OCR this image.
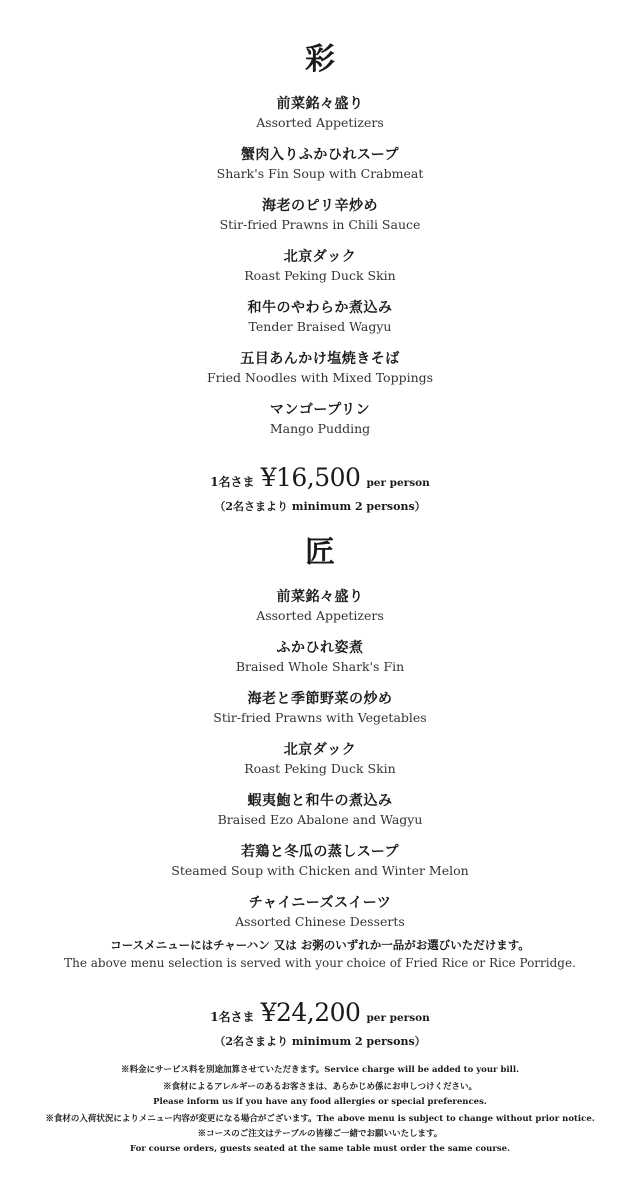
彩
前菜銘々盛り
Assorted Appetizers
蟹肉入りふかひれスープ
Shark's Fin Soup with Crabmeat
海老のピリ辛炒め
Stir-fried Prawns in Chili Sauce
北京ダック
Roast Peking Duck Skin
和牛のやわらか煮込み
Tender Braised Wagyu
五目あんかけ塩焼きそば
Fried Noodles with Mixed Toppings
マンゴープリン
Mango Pudding
1名さま ¥16,500 per person
（2名さまより minimum 2 persons）
匠
前菜銘々盛り
Assorted Appetizers
ふかひれ姿煮
Braised Whole Shark's Fin
海老と季節野菜の炒め
Stir-fried Prawns with Vegetables
北京ダック
Roast Peking Duck Skin
蝦夷鮑と和牛の煮込み
Braised Ezo Abalone and Wagyu
若鶏と冬瓜の蒸しスープ
Steamed Soup with Chicken and Winter Melon
チャイニーズスイーツ
Assorted Chinese Desserts
コースメニューにはチャーハン 又は お粥のいずれか一品がお選びいただけます。
The above menu selection is served with your choice of Fried Rice or Rice Porridge.
1名さま ¥24,200 per person
（2名さまより minimum 2 persons）
※料金にサービス料を別途加算させていただきます。Service charge will be added to your bill.
※食材によるアレルギーのあるお客さまは、あらかじめ係にお申しつけください。
Please inform us if you have any food allergies or special preferences.
※食材の入荷状況によりメニュー内容が変更になる場合がございます。The above menu is subject to change without prior notice.
※コースのご注文はテーブルの皆様ご一緒でお願いいたします。
For course orders, guests seated at the same table must order the same course.
